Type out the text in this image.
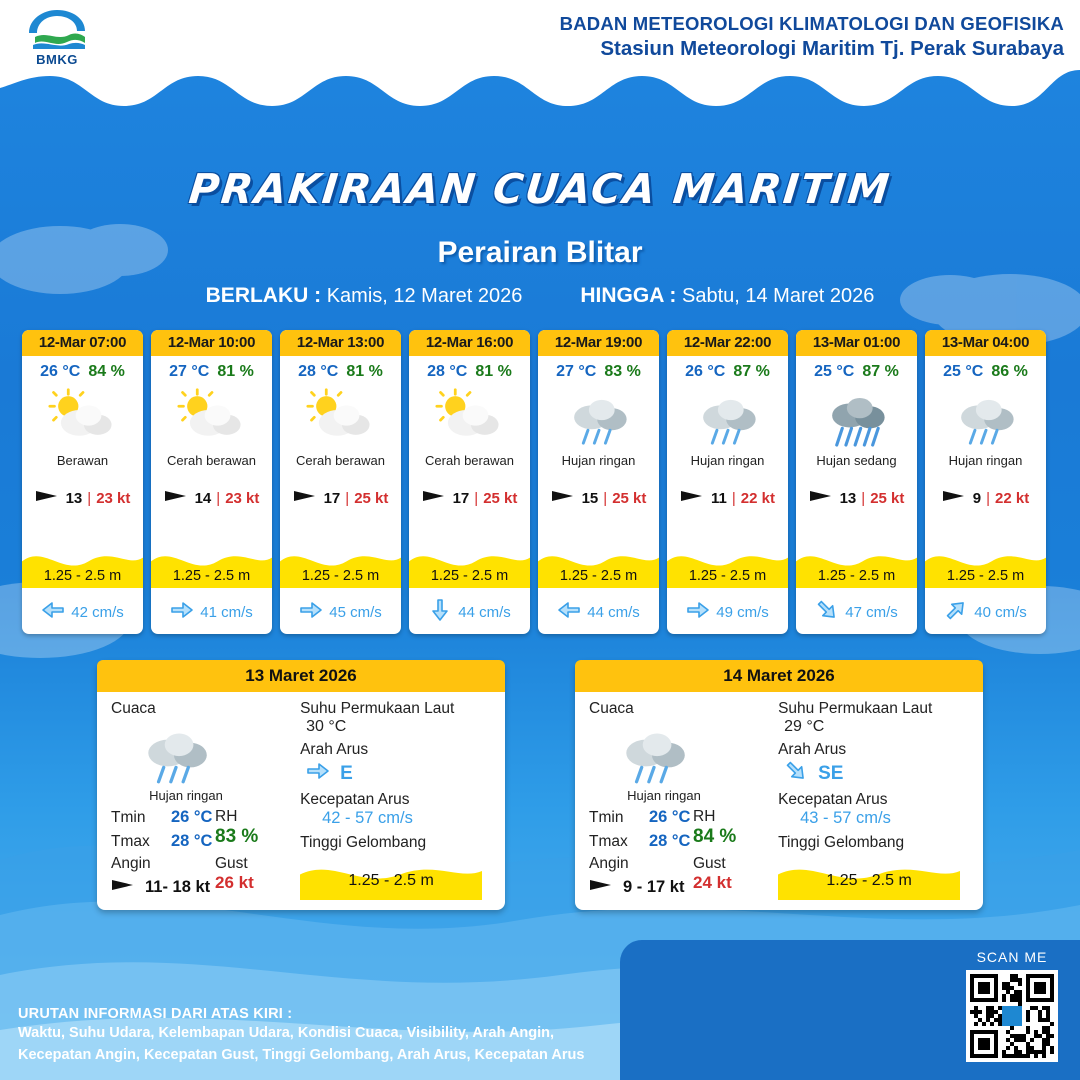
BMKG
BADAN METEOROLOGI KLIMATOLOGI DAN GEOFISIKA
Stasiun Meteorologi Maritim Tj. Perak Surabaya
PRAKIRAAN CUACA MARITIM
Perairan Blitar
BERLAKU : Kamis, 12 Maret 2026	HINGGA : Sabtu, 14 Maret 2026
12-Mar 07:00
26 °C 84 %
Berawan
13 | 23 kt
1.25 - 2.5 m
42 cm/s
12-Mar 10:00
27 °C 81 %
Cerah berawan
14 | 23 kt
1.25 - 2.5 m
41 cm/s
12-Mar 13:00
28 °C 81 %
Cerah berawan
17 | 25 kt
1.25 - 2.5 m
45 cm/s
12-Mar 16:00
28 °C 81 %
Cerah berawan
17 | 25 kt
1.25 - 2.5 m
44 cm/s
12-Mar 19:00
27 °C 83 %
Hujan ringan
15 | 25 kt
1.25 - 2.5 m
44 cm/s
12-Mar 22:00
26 °C 87 %
Hujan ringan
11 | 22 kt
1.25 - 2.5 m
49 cm/s
13-Mar 01:00
25 °C 87 %
Hujan sedang
13 | 25 kt
1.25 - 2.5 m
47 cm/s
13-Mar 04:00
25 °C 86 %
Hujan ringan
9 | 22 kt
1.25 - 2.5 m
40 cm/s
13 Maret 2026
Cuaca
Hujan ringan
Tmin	26 °C
Tmax	28 °C
RH
83 %
Angin
11- 18 kt
Gust
26 kt
Suhu Permukaan Laut
30 °C
Arah Arus
E
Kecepatan Arus
42 - 57 cm/s
Tinggi Gelombang
1.25 - 2.5 m
14 Maret 2026
Cuaca
Hujan ringan
Tmin	26 °C
Tmax	28 °C
RH
84 %
Angin
9 - 17 kt
Gust
24 kt
Suhu Permukaan Laut
29 °C
Arah Arus
SE
Kecepatan Arus
43 - 57 cm/s
Tinggi Gelombang
1.25 - 2.5 m
URUTAN INFORMASI DARI ATAS KIRI :
Waktu, Suhu Udara, Kelembapan Udara, Kondisi Cuaca, Visibility, Arah Angin,
Kecepatan Angin, Kecepatan Gust, Tinggi Gelombang, Arah Arus, Kecepatan Arus
SCAN ME
